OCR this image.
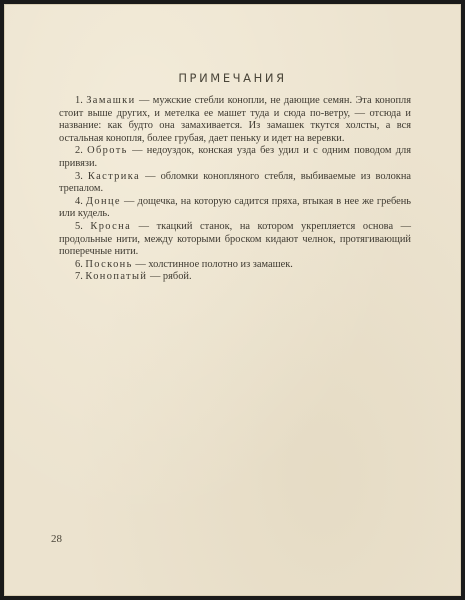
ПРИМЕЧАНИЯ

1. Замашки — мужские стебли конопли, не дающие семян. Эта конопля стоит выше других, и метелка ее машет туда и сюда по-ветру, — отсюда и название: как будто она замахивается. Из замашек ткутся холсты, а вся остальная конопля, более грубая, дает пеньку и идет на веревки.

2. Оброть — недоуздок, конская узда без удил и с одним поводом для привязи.

3. Кастрика — обломки конопляного стебля, выбиваемые из волокна трепалом.

4. Донце — дощечка, на которую садится пряха, втыкая в нее же гребень или кудель.

5. Кросна — ткацкий станок, на котором укрепляется основа — продольные нити, между которыми броском кидают челнок, протягивающий поперечные нити.

6. Посконь — холстинное полотно из замашек.

7. Конопатый — рябой.

28
